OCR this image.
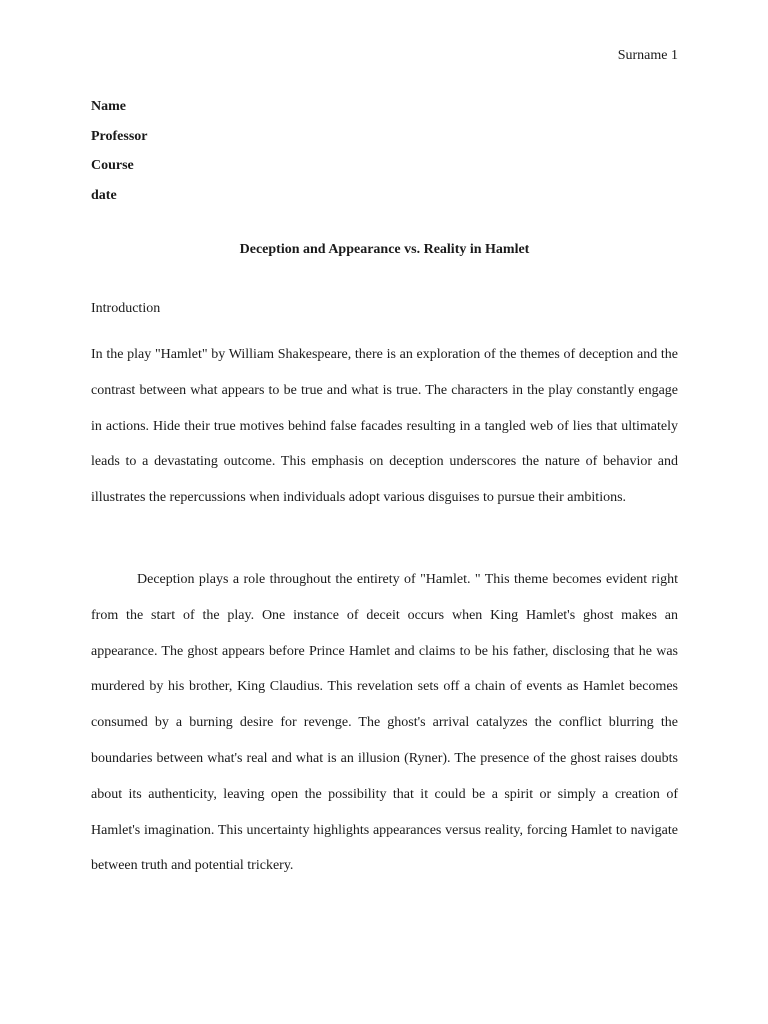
Surname 1
Name
Professor
Course
date
Deception and Appearance vs. Reality in Hamlet
Introduction

In the play "Hamlet" by William Shakespeare, there is an exploration of the themes of deception and the contrast between what appears to be true and what is true. The characters in the play constantly engage in actions. Hide their true motives behind false facades resulting in a tangled web of lies that ultimately leads to a devastating outcome. This emphasis on deception underscores the nature of behavior and illustrates the repercussions when individuals adopt various disguises to pursue their ambitions.

Deception plays a role throughout the entirety of "Hamlet. " This theme becomes evident right from the start of the play. One instance of deceit occurs when King Hamlet's ghost makes an appearance. The ghost appears before Prince Hamlet and claims to be his father, disclosing that he was murdered by his brother, King Claudius. This revelation sets off a chain of events as Hamlet becomes consumed by a burning desire for revenge. The ghost's arrival catalyzes the conflict blurring the boundaries between what's real and what is an illusion (Ryner). The presence of the ghost raises doubts about its authenticity, leaving open the possibility that it could be a spirit or simply a creation of Hamlet's imagination. This uncertainty highlights appearances versus reality, forcing Hamlet to navigate between truth and potential trickery.
